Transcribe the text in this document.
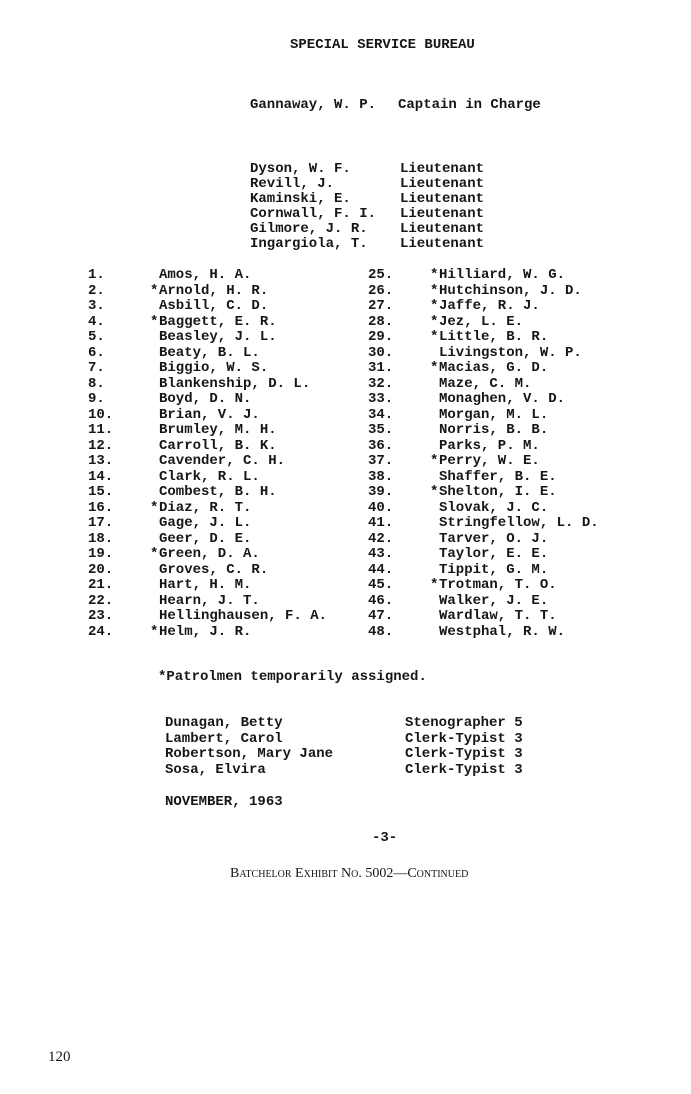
SPECIAL SERVICE BUREAU
Gannaway, W. P. Captain in Charge
Dyson, W. F.	Lieutenant
Revill, J.	Lieutenant
Kaminski, E.	Lieutenant
Cornwall, F. I. Lieutenant
Gilmore, J. R. Lieutenant
Ingargiola, T. Lieutenant
1.	Amos, H. A.
2.	*Arnold, H. R.
3.	Asbill, C. D.
4.	*Baggett, E. R.
5.	Beasley, J. L.
6.	Beaty, B. L.
7.	Biggio, W. S.
8.	Blankenship, D. L.
9.	Boyd, D. N.
10.	Brian, V. J.
11.	Brumley, M. H.
12.	Carroll, B. K.
13.	Cavender, C. H.
14.	Clark, R. L.
15.	Combest, B. H.
16.	*Diaz, R. T.
17.	Gage, J. L.
18.	Geer, D. E.
19.	*Green, D. A.
20.	Groves, C. R.
21.	Hart, H. M.
22.	Hearn, J. T.
23.	Hellinghausen, F. A.
24.	*Helm, J. R.
25.	*Hilliard, W. G.
26.	*Hutchinson, J. D.
27.	*Jaffe, R. J.
28.	*Jez, L. E.
29.	*Little, B. R.
30.	Livingston, W. P.
31.	*Macias, G. D.
32.	Maze, C. M.
33.	Monaghen, V. D.
34.	Morgan, M. L.
35.	Norris, B. B.
36.	Parks, P. M.
37.	*Perry, W. E.
38.	Shaffer, B. E.
39.	*Shelton, I. E.
40.	Slovak, J. C.
41.	Stringfellow, L. D.
42.	Tarver, O. J.
43.	Taylor, E. E.
44.	Tippit, G. M.
45.	*Trotman, T. O.
46.	Walker, J. E.
47.	Wardlaw, T. T.
48.	Westphal, R. W.
*Patrolmen temporarily assigned.
Dunagan, Betty	Stenographer 5
Lambert, Carol	Clerk-Typist 3
Robertson, Mary Jane	Clerk-Typist 3
Sosa, Elvira	Clerk-Typist 3
NOVEMBER, 1963
-3-
Batchelor Exhibit No. 5002—Continued
120
